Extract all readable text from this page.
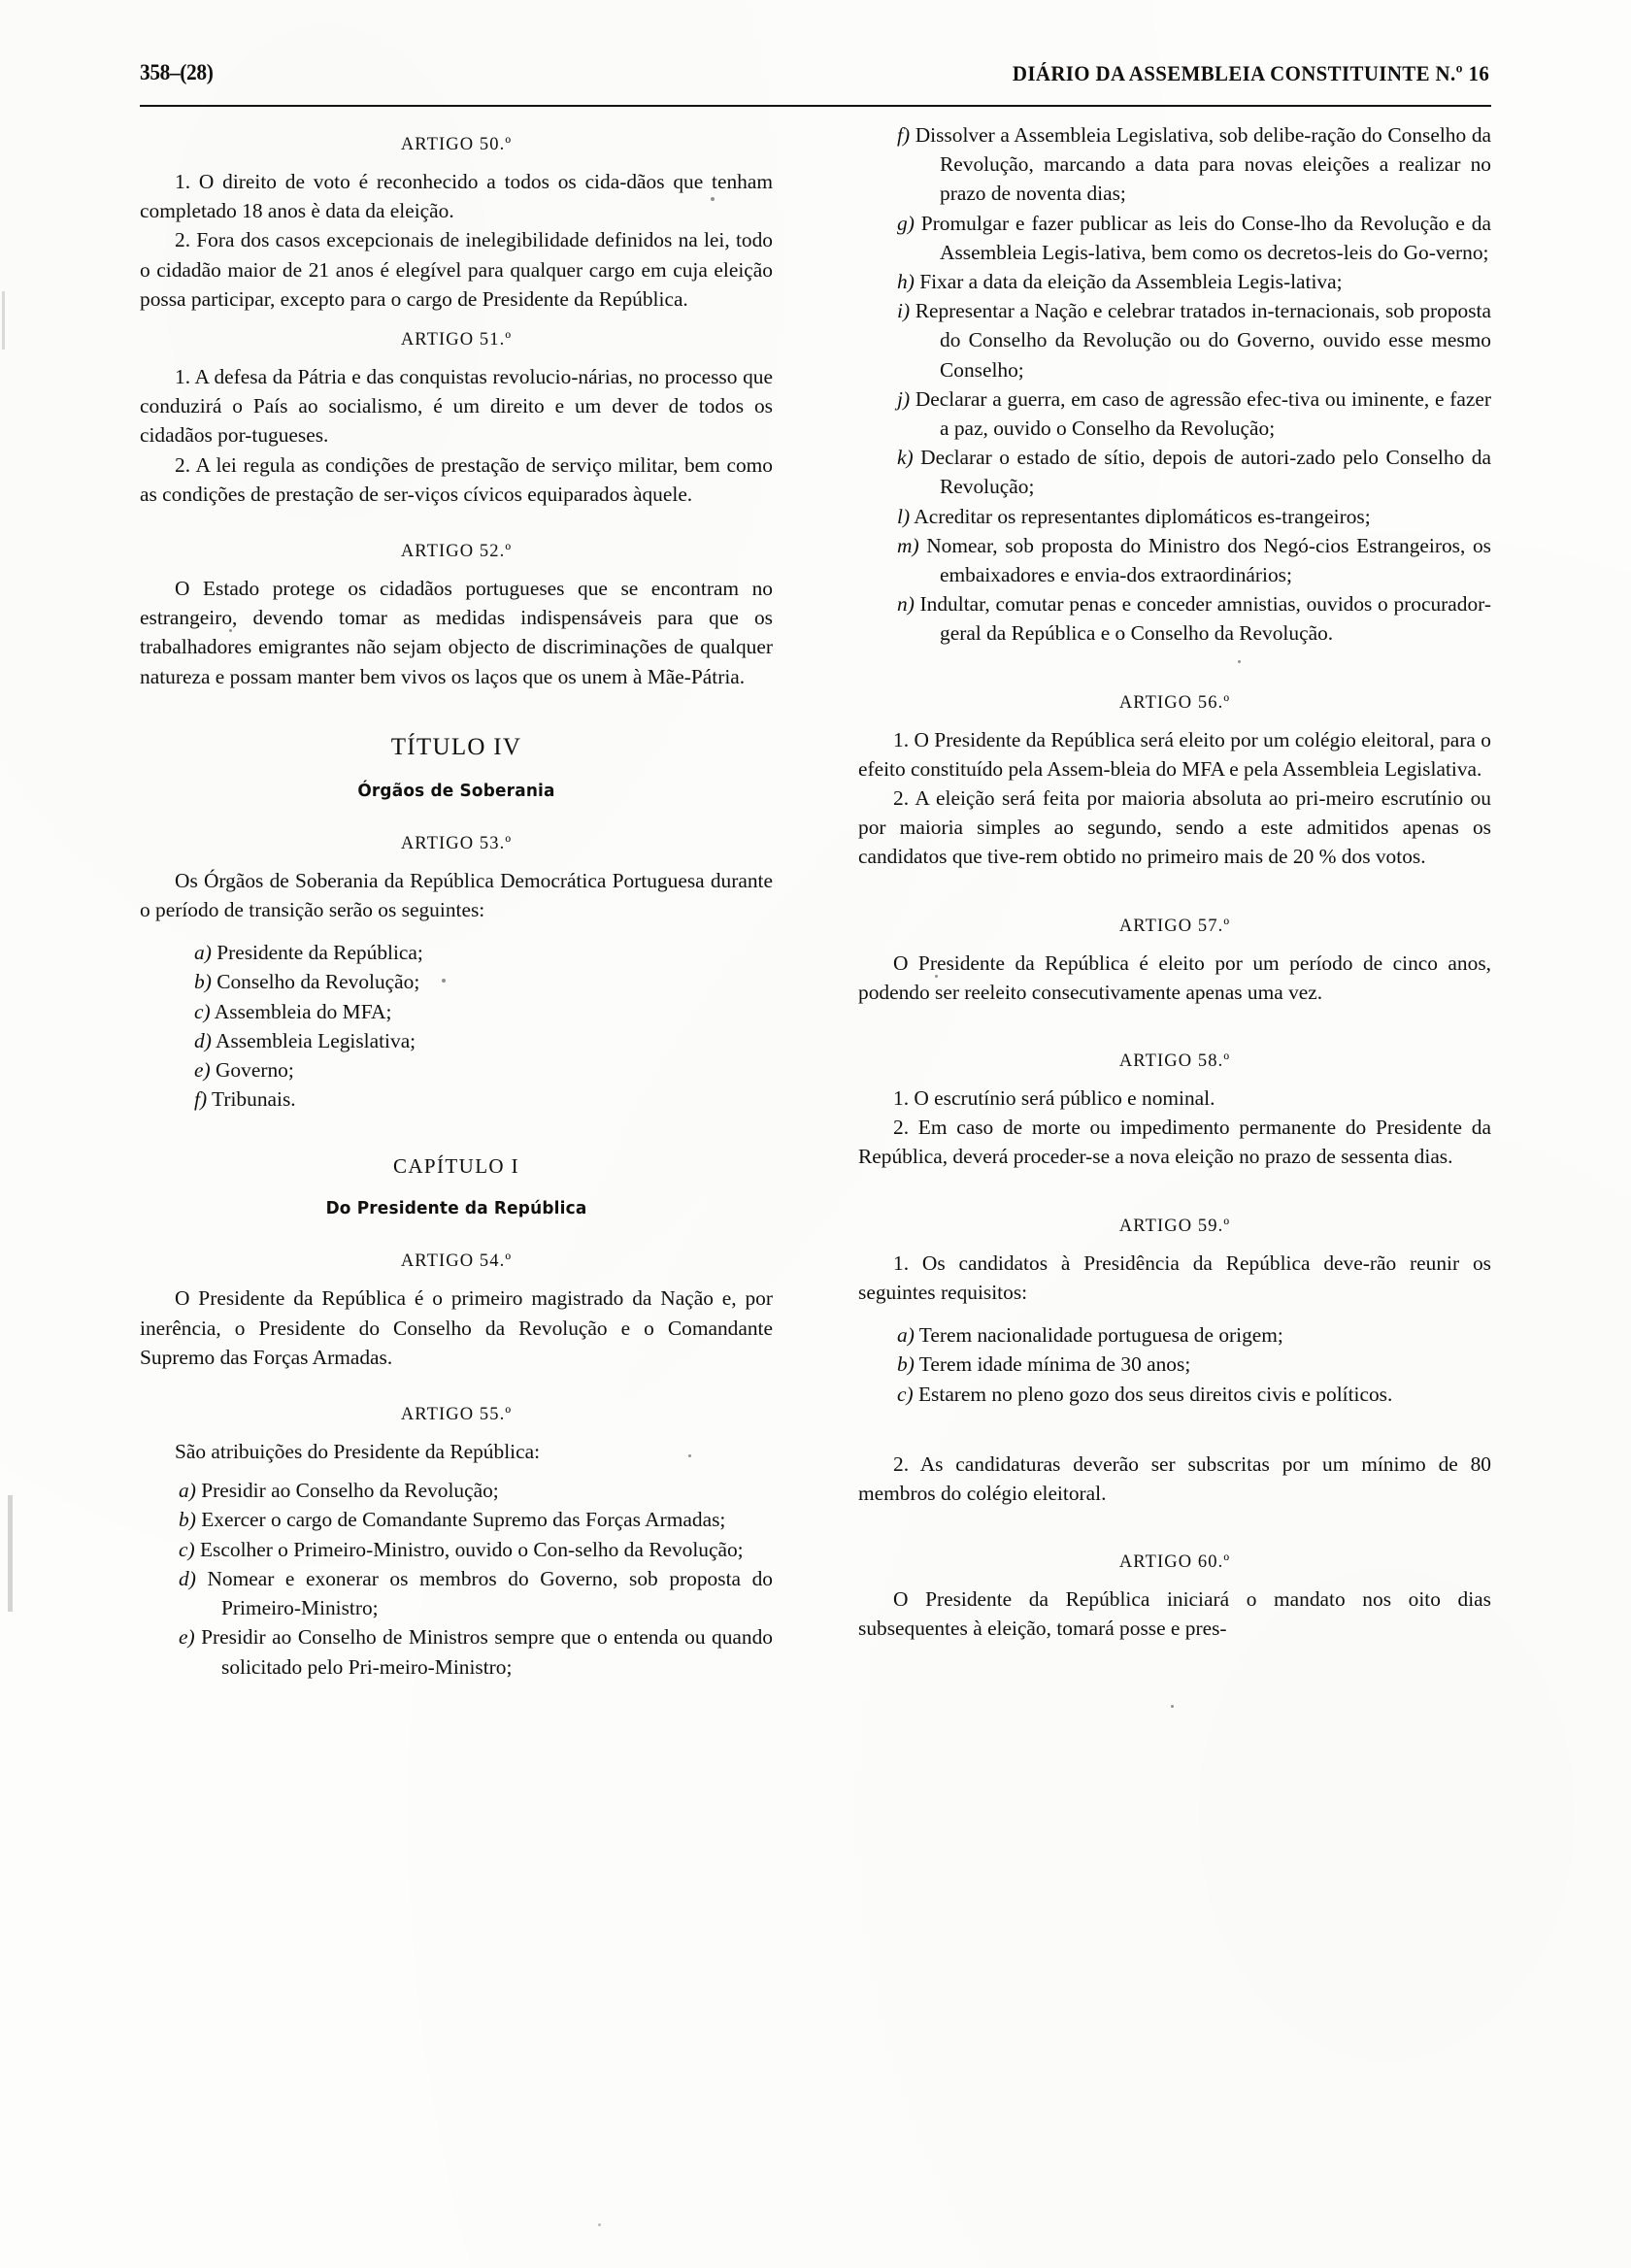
358–(28)	DIÁRIO DA ASSEMBLEIA CONSTITUINTE N.º 16
ARTIGO 50.º

1. O direito de voto é reconhecido a todos os cida-dãos que tenham completado 18 anos è data da eleição.

2. Fora dos casos excepcionais de inelegibilidade definidos na lei, todo o cidadão maior de 21 anos é elegível para qualquer cargo em cuja eleição possa participar, excepto para o cargo de Presidente da República.

ARTIGO 51.º

1. A defesa da Pátria e das conquistas revoluciо-nárias, no processo que conduzirá o País ao socialismo, é um direito e um dever de todos os cidadãos por-tugueses.

2. A lei regula as condições de prestação de serviço militar, bem como as condições de prestação de ser-viços cívicos equiparados àquele.

ARTIGO 52.º

O Estado protege os cidadãos portugueses que se encontram no estrangeiro, devendo tomar as medidas indispensáveis para que os trabalhadores emigrantes não sejam objecto de discriminações de qualquer natureza e possam manter bem vivos os laços que os unem à Mãe-Pátria.

TÍTULO IV
Órgãos de Soberania
ARTIGO 53.º

Os Órgãos de Soberania da República Democrática Portuguesa durante o período de transição serão os seguintes:

a) Presidente da República;
b) Conselho da Revolução;
c) Assembleia do MFA;
d) Assembleia Legislativa;
e) Governo;
f) Tribunais.
CAPÍTULO I
Do Presidente da República
ARTIGO 54.º

O Presidente da República é o primeiro magistrado da Nação e, por inerência, o Presidente do Conselho da Revolução e o Comandante Supremo das Forças Armadas.

ARTIGO 55.º

São atribuições do Presidente da República:

a) Presidir ao Conselho da Revolução;
b) Exercer o cargo de Comandante Supremo das Forças Armadas;
c) Escolher o Primeiro-Ministro, ouvido o Con-selho da Revolução;
d) Nomear e exonerar os membros do Governo, sob proposta do Primeiro-Ministro;
e) Presidir ao Conselho de Ministros sempre que o entenda ou quando solicitado pelo Pri-meiro-Ministro;
f) Dissolver a Assembleia Legislativa, sob delibe-ração do Conselho da Revolução, marcando a data para novas eleições a realizar no prazo de noventa dias;
g) Promulgar e fazer publicar as leis do Conse-lho da Revolução e da Assembleia Legis-lativa, bem como os decretos-leis do Go-verno;
h) Fixar a data da eleição da Assembleia Legis-lativa;
i) Representar a Nação e celebrar tratados in-ternacionais, sob proposta do Conselho da Revolução ou do Governo, ouvido esse mesmo Conselho;
j) Declarar a guerra, em caso de agressão efec-tiva ou iminente, e fazer a paz, ouvido o Conselho da Revolução;
k) Declarar o estado de sítio, depois de autori-zado pelo Conselho da Revolução;
l) Acreditar os representantes diplomáticos es-trangeiros;
m) Nomear, sob proposta do Ministro dos Negó-cios Estrangeiros, os embaixadores e envia-dos extraordinários;
n) Indultar, comutar penas e conceder amnistias, ouvidos o procurador-geral da República e o Conselho da Revolução.
ARTIGO 56.º

1. O Presidente da República será eleito por um colégio eleitoral, para o efeito constituído pela Assem-bleia do MFA e pela Assembleia Legislativa.

2. A eleição será feita por maioria absoluta ao pri-meiro escrutínio ou por maioria simples ao segundo, sendo a este admitidos apenas os candidatos que tive-rem obtido no primeiro mais de 20 % dos votos.

ARTIGO 57.º

O Presidente da República é eleito por um período de cinco anos, podendo ser reeleito consecutivamente apenas uma vez.

ARTIGO 58.º

1. O escrutínio será público e nominal.

2. Em caso de morte ou impedimento permanente do Presidente da República, deverá proceder-se a nova eleição no prazo de sessenta dias.

ARTIGO 59.º

1. Os candidatos à Presidência da República deve-rão reunir os seguintes requisitos:

a) Terem nacionalidade portuguesa de origem;
b) Terem idade mínima de 30 anos;
c) Estarem no pleno gozo dos seus direitos civis e políticos.

2. As candidaturas deverão ser subscritas por um mínimo de 80 membros do colégio eleitoral.

ARTIGO 60.º

O Presidente da República iniciará o mandato nos oito dias subsequentes à eleição, tomará posse e pres-
